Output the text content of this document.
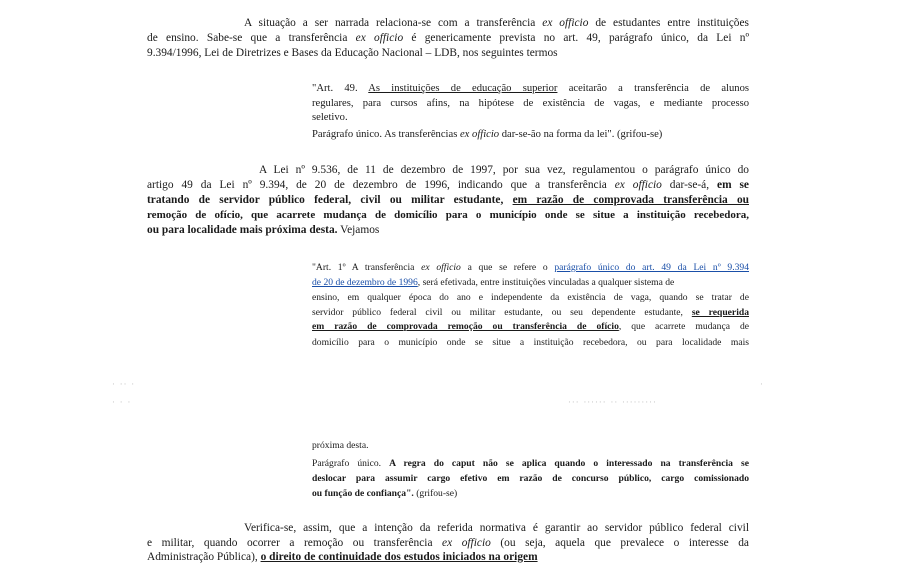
A situação a ser narrada relaciona-se com a transferência ex officio de estudantes entre instituições
de ensino. Sabe-se que a transferência ex officio é genericamente prevista no art. 49, parágrafo único, da Lei nº
9.394/1996, Lei de Diretrizes e Bases da Educação Nacional – LDB, nos seguintes termos
"Art. 49. As instituições de educação superior aceitarão a transferência de alunos
regulares, para cursos afins, na hipótese de existência de vagas, e mediante processo
seletivo.
Parágrafo único. As transferências ex officio dar-se-ão na forma da lei". (grifou-se)
A Lei nº 9.536, de 11 de dezembro de 1997, por sua vez, regulamentou o parágrafo único do
artigo 49 da Lei nº 9.394, de 20 de dezembro de 1996, indicando que a transferência ex officio dar-se-á, em se
tratando de servidor público federal, civil ou militar estudante, em razão de comprovada transferência ou
remoção de ofício, que acarrete mudança de domicílio para o município onde se situe a instituição recebedora,
ou para localidade mais próxima desta. Vejamos
"Art. 1º A transferência ex officio a que se refere o parágrafo único do art. 49 da Lei nº 9.394
de 20 de dezembro de 1996, será efetivada, entre instituições vinculadas a qualquer sistema de
ensino, em qualquer época do ano e independente da existência de vaga, quando se tratar de
servidor público federal civil ou militar estudante, ou seu dependente estudante, se requerida
em razão de comprovada remoção ou transferência de ofício, que acarrete mudança de
domicílio para o município onde se situe a instituição recebedora, ou para localidade mais
· ·· ·
· · ·	··· ······ ·· ·········
·
próxima desta.
Parágrafo único. A regra do caput não se aplica quando o interessado na transferência se
deslocar para assumir cargo efetivo em razão de concurso público, cargo comissionado
ou função de confiança". (grifou-se)
Verifica-se, assim, que a intenção da referida normativa é garantir ao servidor público federal civil
e militar, quando ocorrer a remoção ou transferência ex officio (ou seja, aquela que prevalece o interesse da
Administração Pública), o direito de continuidade dos estudos iniciados na origem
